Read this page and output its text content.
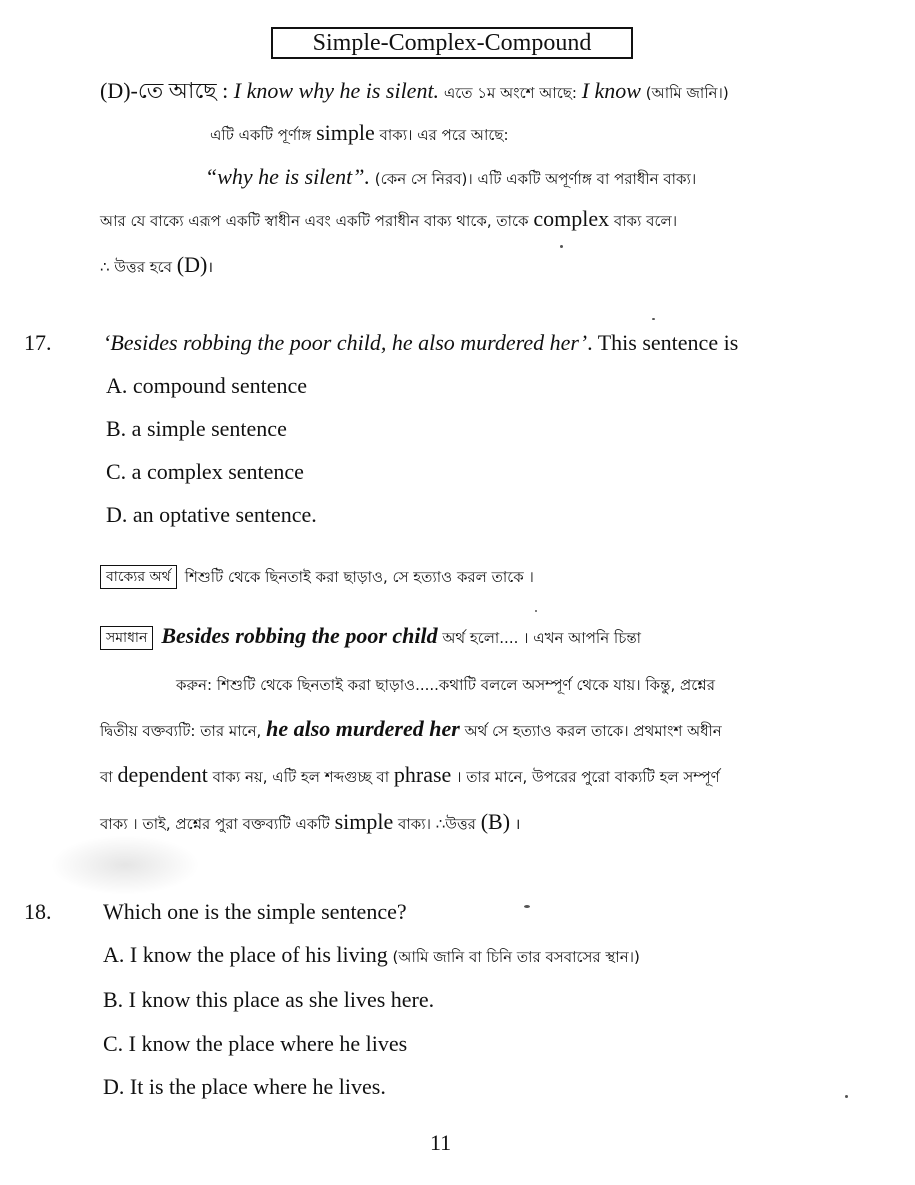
Simple-Complex-Compound
(D)-তে আছে : I know why he is silent. এতে ১ম অংশে আছে: I know (আমি জানি।)
এটি একটি পূর্ণাঙ্গ simple বাক্য। এর পরে আছে:
“why he is silent”. (কেন সে নিরব)। এটি একটি অপূর্ণাঙ্গ বা পরাধীন বাক্য।
আর যে বাক্যে এরূপ একটি স্বাধীন এবং একটি পরাধীন বাক্য থাকে, তাকে complex বাক্য বলে।
∴ উত্তর হবে (D)।
17. ‘Besides robbing the poor child, he also murdered her’. This sentence is
A. compound sentence
B. a simple sentence
C. a complex sentence
D. an optative sentence.
বাক্যের অর্থ শিশুটি থেকে ছিনতাই করা ছাড়াও, সে হত্যাও করল তাকে ।
সমাধান Besides robbing the poor child অর্থ হলো.... । এখন আপনি চিন্তা
করুন: শিশুটি থেকে ছিনতাই করা ছাড়াও.....কথাটি বললে অসম্পূর্ণ থেকে যায়। কিন্তু, প্রশ্নের
দ্বিতীয় বক্তব্যটি: তার মানে, he also murdered her অর্থ সে হত্যাও করল তাকে। প্রথমাংশ অধীন
বা dependent বাক্য নয়, এটি হল শব্দগুচ্ছ বা phrase । তার মানে, উপরের পুরো বাক্যটি হল সম্পূর্ণ
বাক্য । তাই, প্রশ্নের পুরা বক্তব্যটি একটি simple বাক্য। ∴উত্তর (B) ।
18. Which one is the simple sentence?
A. I know the place of his living (আমি জানি বা চিনি তার বসবাসের স্থান।)
B. I know this place as she lives here.
C. I know the place where he lives
D. It is the place where he lives.
11
